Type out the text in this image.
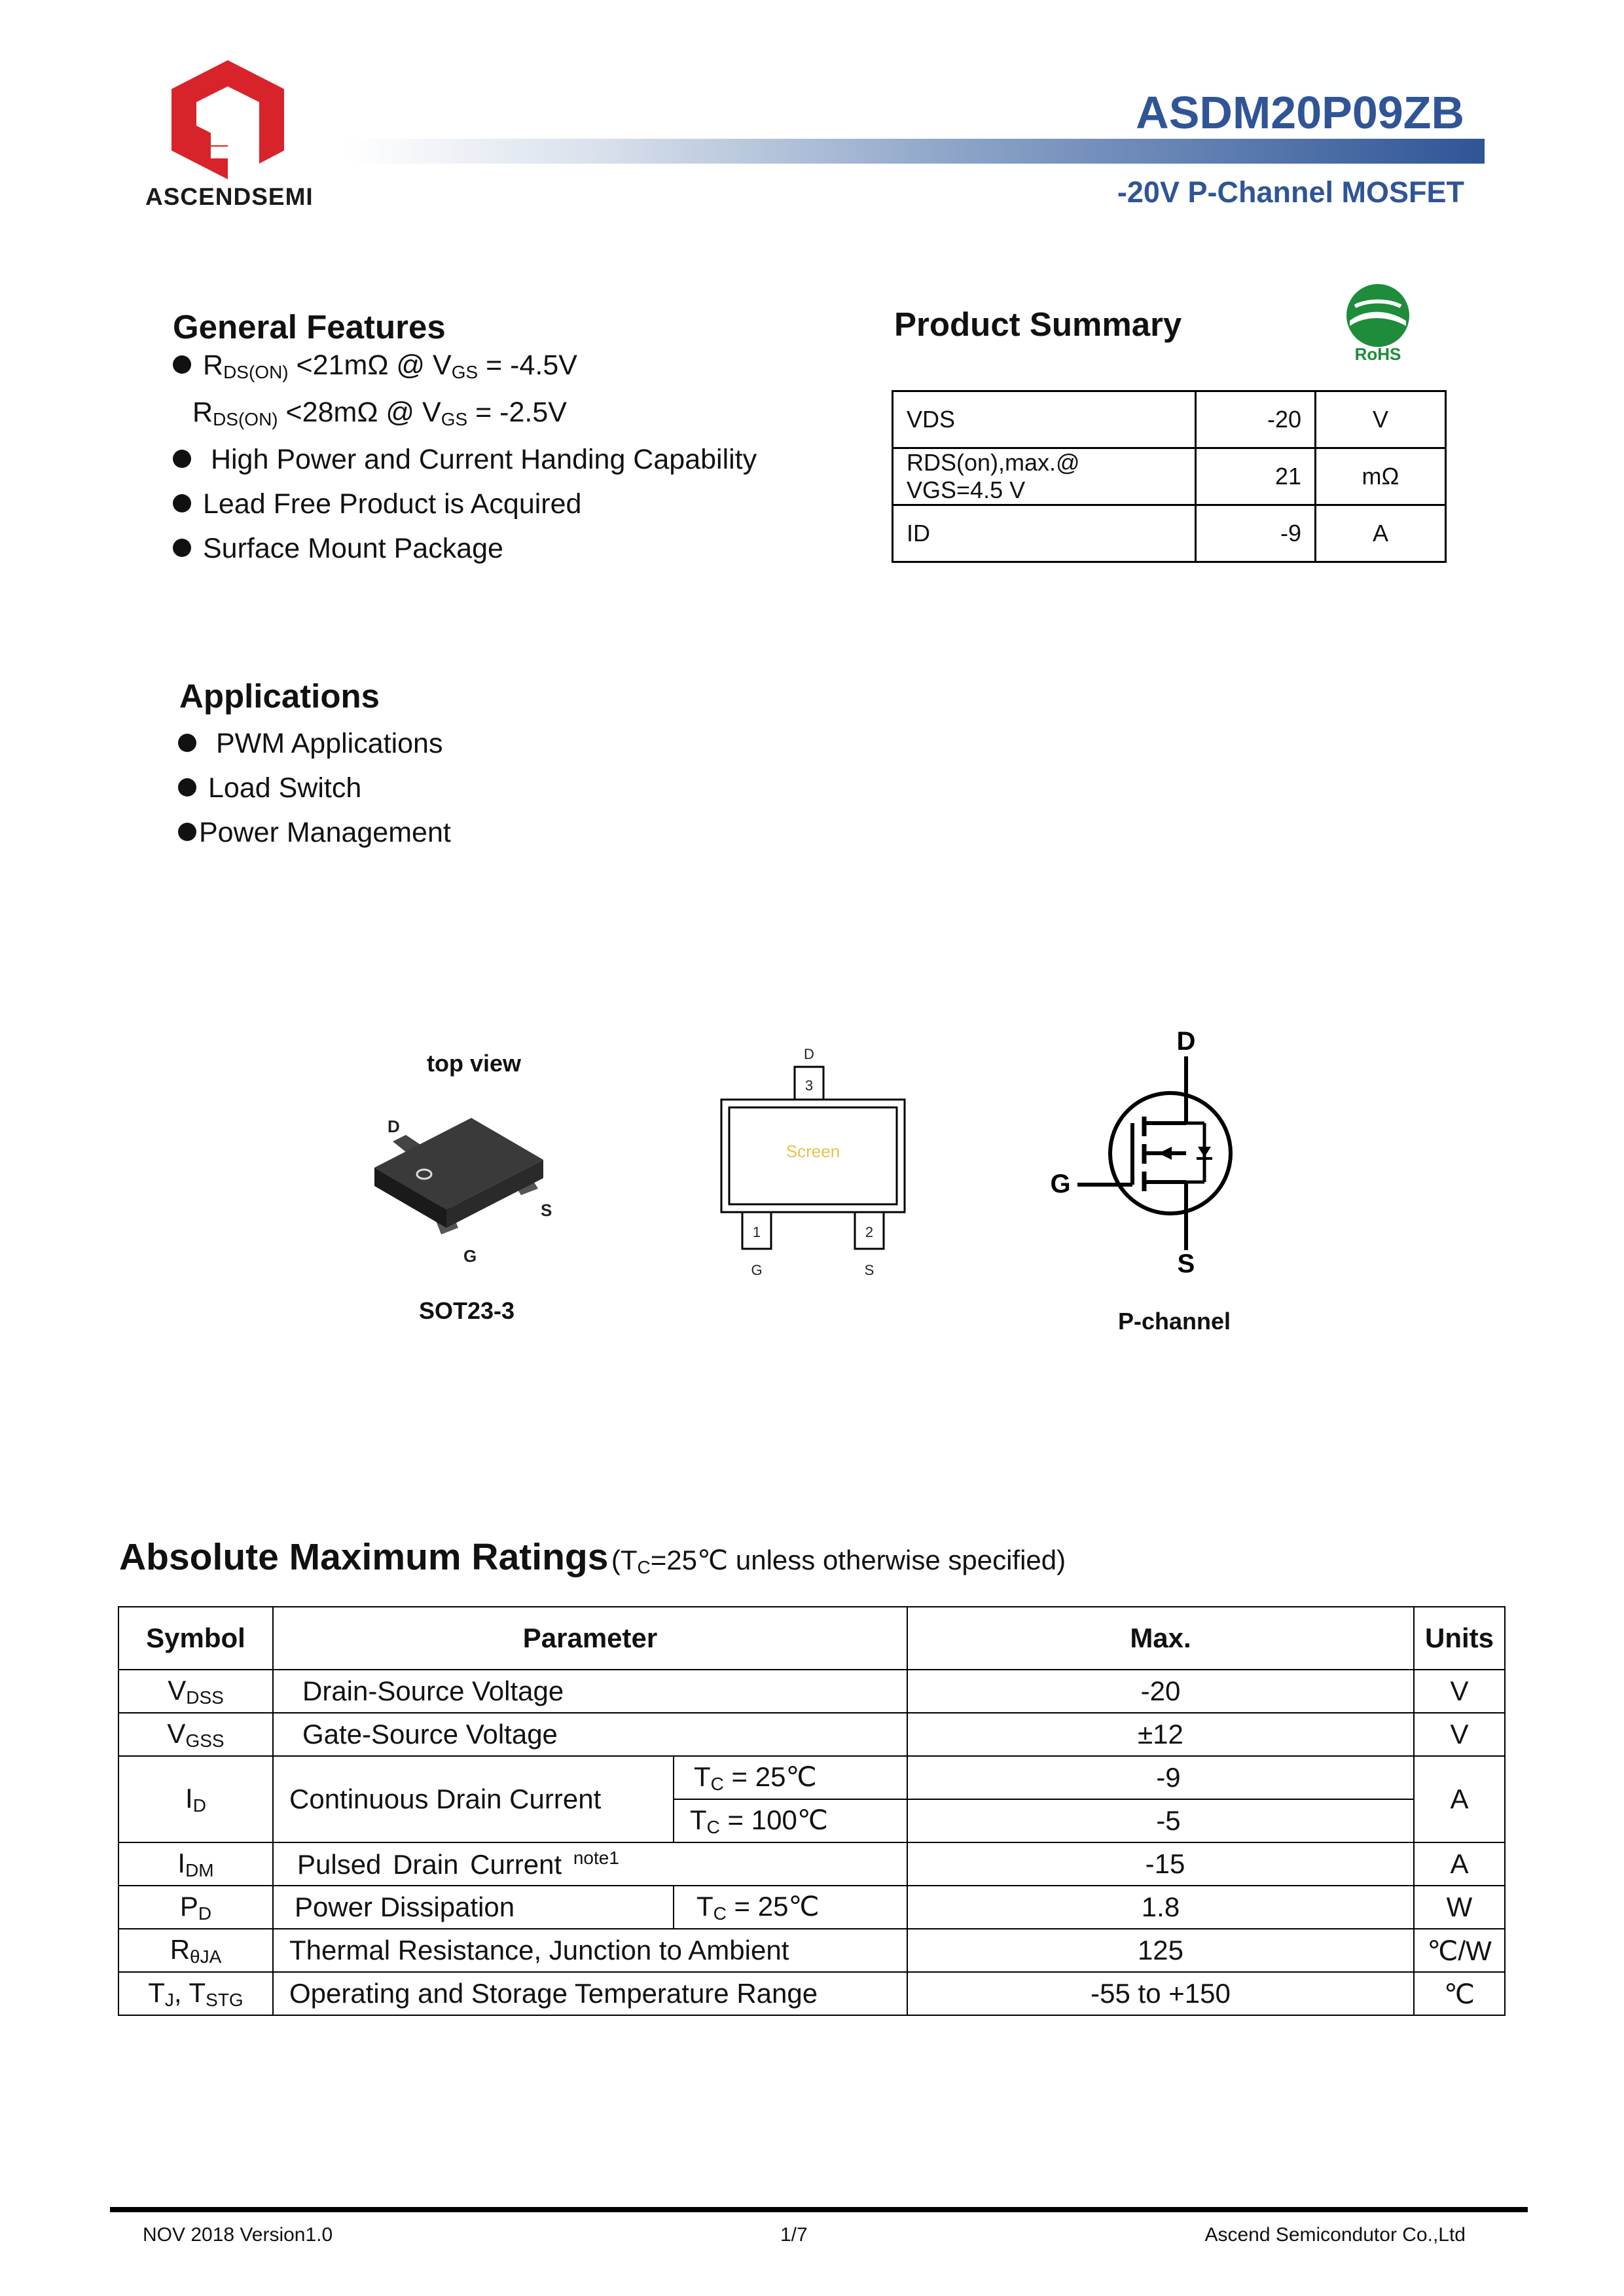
ASCENDSEMI
ASDM20P09ZB
-20V P-Channel MOSFET
General Features
$R_{DS(ON)} <21m\Omega$ @ $V_{GS} = -4.5V$
$R_{DS(ON)} <28m\Omega$ @ $V_{GS} = -2.5V$
High Power and Current Handing Capability
Lead Free Product is Acquired
Surface Mount Package
Product Summary
RoHS
VDS	-20	V
RDS(on),max.@ VGS=4.5 V	21	mΩ
ID	-9	A
Applications
PWM Applications
Load Switch
Power Management
top view
D
S
G
SOT23-3
D
3
Screen
1	2
G	S
D
G
S
P-channel
Absolute Maximum Ratings ($T_C=25℃$ unless otherwise specified)
Symbol	Parameter		Max.	Units
$V_{DSS}$	Drain-Source Voltage		-20	V
$V_{GSS}$	Gate-Source Voltage		±12	V
$I_D$	Continuous Drain Current	$T_C$ = 25℃	-9	A
		$T_C$ = 100℃	-5	
$I_{DM}$	Pulsed Drain Current $^{note1}$		-15	A
$P_D$	Power Dissipation	$T_C$ = 25℃	1.8	W
$R_{\theta JA}$	Thermal Resistance, Junction to Ambient		125	℃/W
$T_J$, $T_{STG}$	Operating and Storage Temperature Range		-55 to +150	℃
NOV 2018 Version1.0	1/7	Ascend Semicondutor Co.,Ltd
